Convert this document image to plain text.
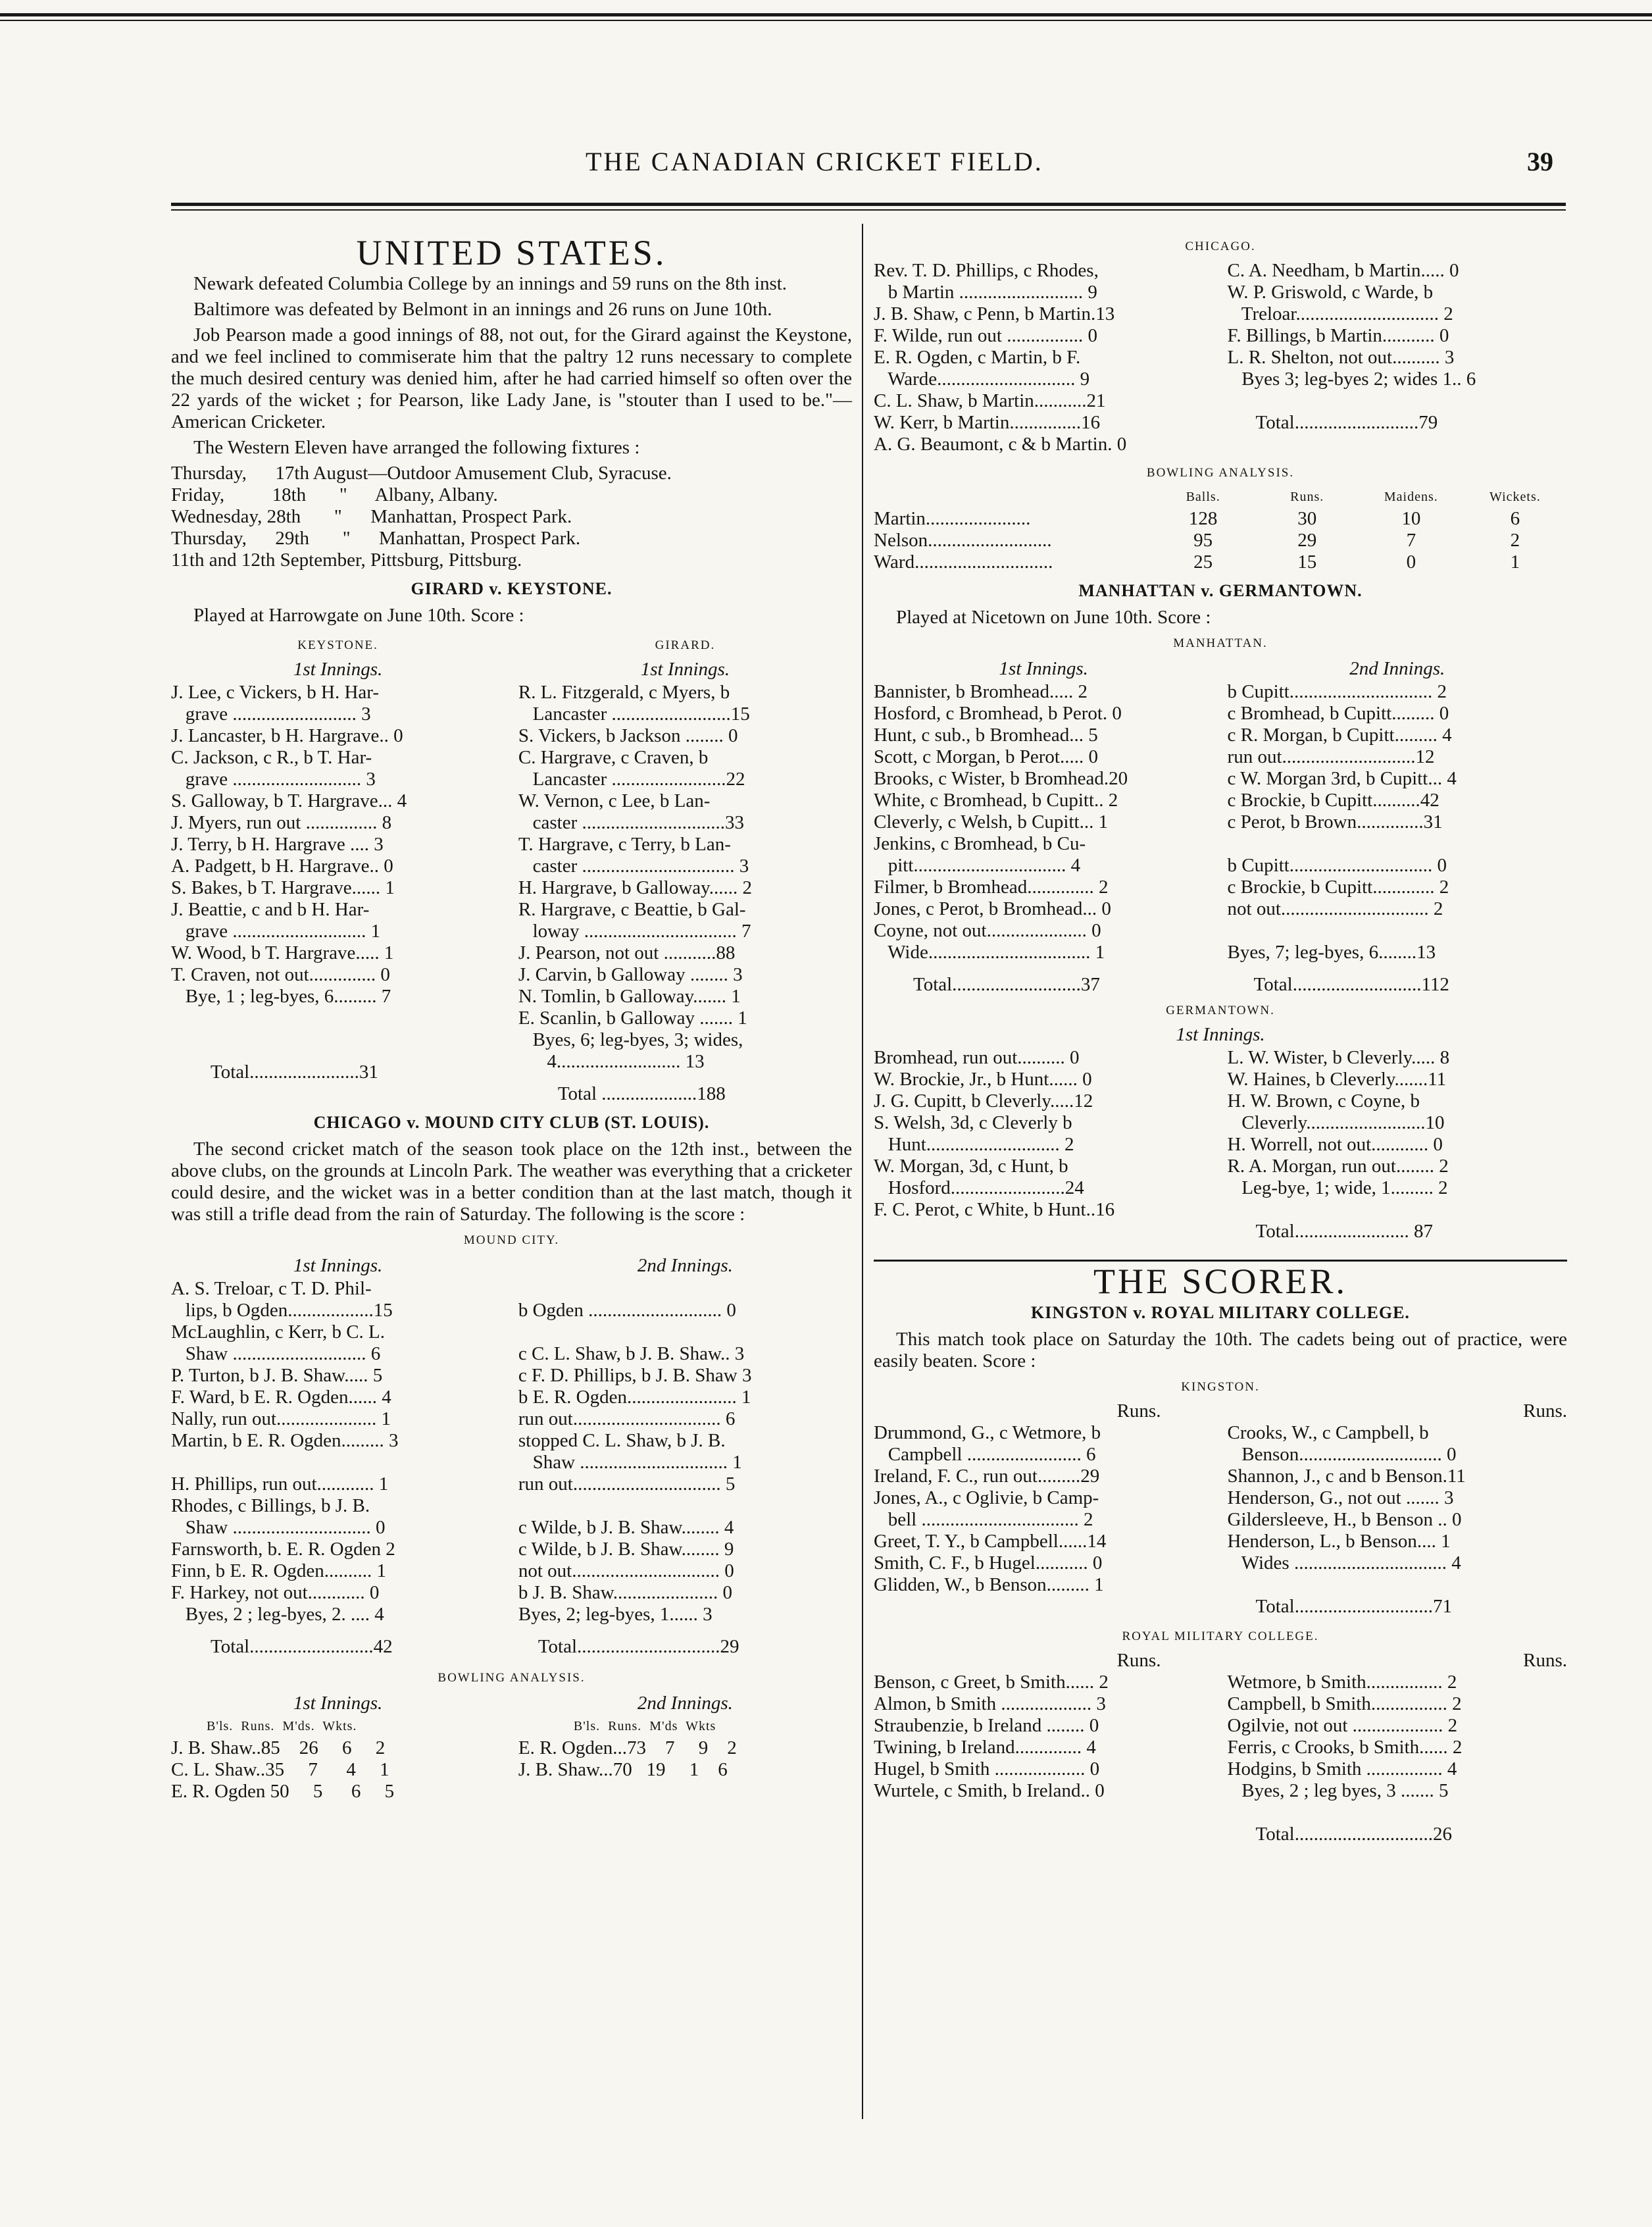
THE CANADIAN CRICKET FIELD.	39
UNITED STATES.

Newark defeated Columbia College by an innings and 59 runs on the 8th inst.

Baltimore was defeated by Belmont in an innings and 26 runs on June 10th.

Job Pearson made a good innings of 88, not out, for the Girard against the Keystone, and we feel inclined to commiserate him that the paltry 12 runs necessary to complete the much desired century was denied him, after he had carried himself so often over the 22 yards of the wicket ; for Pearson, like Lady Jane, is "stouter than I used to be."—American Cricketer.

The Western Eleven have arranged the following fixtures :

Thursday,      17th August—Outdoor Amusement Club, Syracuse.
Friday,          18th       "      Albany, Albany.
Wednesday, 28th       "      Manhattan, Prospect Park.
Thursday,      29th       "      Manhattan, Prospect Park.
11th and 12th September, Pittsburg, Pittsburg.
GIRARD v. KEYSTONE.

Played at Harrowgate on June 10th. Score :

KEYSTONE.
1st Innings.
J. Lee, c Vickers, b H. Har-
grave .......................... 3
J. Lancaster, b H. Hargrave.. 0
C. Jackson, c R., b T. Har-
grave ........................... 3
S. Galloway, b T. Hargrave... 4
J. Myers, run out ............... 8
J. Terry, b H. Hargrave .... 3
A. Padgett, b H. Hargrave.. 0
S. Bakes, b T. Hargrave...... 1
J. Beattie, c and b H. Har-
grave ............................ 1
W. Wood, b T. Hargrave..... 1
T. Craven, not out.............. 0
Bye, 1 ; leg-byes, 6......... 7
Total.......................31
GIRARD.
1st Innings.
R. L. Fitzgerald, c Myers, b
Lancaster .........................15
S. Vickers, b Jackson ........ 0
C. Hargrave, c Craven, b
Lancaster ........................22
W. Vernon, c Lee, b Lan-
caster ..............................33
T. Hargrave, c Terry, b Lan-
caster ................................ 3
H. Hargrave, b Galloway...... 2
R. Hargrave, c Beattie, b Gal-
loway ................................ 7
J. Pearson, not out ...........88
J. Carvin, b Galloway ........ 3
N. Tomlin, b Galloway....... 1
E. Scanlin, b Galloway ....... 1
Byes, 6; leg-byes, 3; wides,
4.......................... 13
Total ....................188
CHICAGO v. MOUND CITY CLUB (ST. LOUIS).

The second cricket match of the season took place on the 12th inst., between the above clubs, on the grounds at Lincoln Park. The weather was everything that a cricketer could desire, and the wicket was in a better condition than at the last match, though it was still a trifle dead from the rain of Saturday. The following is the score :

MOUND CITY.
1st Innings.
A. S. Treloar, c T. D. Phil-
lips, b Ogden..................15
McLaughlin, c Kerr, b C. L.
Shaw ............................ 6
P. Turton, b J. B. Shaw..... 5
F. Ward, b E. R. Ogden...... 4
Nally, run out..................... 1
Martin, b E. R. Ogden......... 3

H. Phillips, run out............ 1
Rhodes, c Billings, b J. B.
Shaw ............................. 0
Farnsworth, b. E. R. Ogden 2
Finn, b E. R. Ogden.......... 1
F. Harkey, not out............ 0
Byes, 2 ; leg-byes, 2. .... 4
Total..........................42
2nd Innings.

b Ogden ............................ 0

c C. L. Shaw, b J. B. Shaw.. 3
c F. D. Phillips, b J. B. Shaw 3
b E. R. Ogden....................... 1
run out............................... 6
stopped C. L. Shaw, b J. B.
Shaw ............................... 1
run out............................... 5

c Wilde, b J. B. Shaw........ 4
c Wilde, b J. B. Shaw........ 9
not out............................... 0
b J. B. Shaw...................... 0
Byes, 2; leg-byes, 1...... 3
Total..............................29
BOWLING ANALYSIS.
1st Innings.
B'ls.  Runs.  M'ds.  Wkts.
J. B. Shaw..85    26     6     2
C. L. Shaw..35     7      4     1
E. R. Ogden 50     5      6     5
2nd Innings.
B'ls.  Runs.  M'ds  Wkts
E. R. Ogden...73    7     9    2
J. B. Shaw...70   19     1    6

CHICAGO.
Rev. T. D. Phillips, c Rhodes,
b Martin .......................... 9
J. B. Shaw, c Penn, b Martin.13
F. Wilde, run out ................ 0
E. R. Ogden, c Martin, b F.
Warde............................. 9
C. L. Shaw, b Martin...........21
W. Kerr, b Martin...............16
A. G. Beaumont, c & b Martin. 0
C. A. Needham, b Martin..... 0
W. P. Griswold, c Warde, b
Treloar.............................. 2
F. Billings, b Martin........... 0
L. R. Shelton, not out.......... 3
Byes 3; leg-byes 2; wides 1.. 6

Total..........................79
BOWLING ANALYSIS.
Balls.	Runs.	Maidens.	Wickets.
Martin......................	128	30	10	6
Nelson..........................	95	29	7	2
Ward.............................	25	15	0	1
MANHATTAN v. GERMANTOWN.

Played at Nicetown on June 10th. Score :

MANHATTAN.
1st Innings.
Bannister, b Bromhead..... 2
Hosford, c Bromhead, b Perot. 0
Hunt, c sub., b Bromhead... 5
Scott, c Morgan, b Perot..... 0
Brooks, c Wister, b Bromhead.20
White, c Bromhead, b Cupitt.. 2
Cleverly, c Welsh, b Cupitt... 1
Jenkins, c Bromhead, b Cu-
pitt................................ 4
Filmer, b Bromhead.............. 2
Jones, c Perot, b Bromhead... 0
Coyne, not out..................... 0
Wide.................................. 1
Total...........................37
2nd Innings.
b Cupitt.............................. 2
c Bromhead, b Cupitt......... 0
c R. Morgan, b Cupitt......... 4
run out............................12
c W. Morgan 3rd, b Cupitt... 4
c Brockie, b Cupitt..........42
c Perot, b Brown..............31

b Cupitt.............................. 0
c Brockie, b Cupitt............. 2
not out............................... 2

Byes, 7; leg-byes, 6........13
Total...........................112
GERMANTOWN.
1st Innings.
Bromhead, run out.......... 0
W. Brockie, Jr., b Hunt...... 0
J. G. Cupitt, b Cleverly.....12
S. Welsh, 3d, c Cleverly b
Hunt............................ 2
W. Morgan, 3d, c Hunt, b
Hosford........................24
F. C. Perot, c White, b Hunt..16
L. W. Wister, b Cleverly..... 8
W. Haines, b Cleverly.......11
H. W. Brown, c Coyne, b
Cleverly.........................10
H. Worrell, not out............ 0
R. A. Morgan, run out........ 2
Leg-bye, 1; wide, 1......... 2

Total........................ 87
THE SCORER.
KINGSTON v. ROYAL MILITARY COLLEGE.

This match took place on Saturday the 10th. The cadets being out of practice, were easily beaten. Score :

KINGSTON.
Runs.	Runs.
Drummond, G., c Wetmore, b
Campbell ........................ 6
Ireland, F. C., run out.........29
Jones, A., c Oglivie, b Camp-
bell ................................. 2
Greet, T. Y., b Campbell......14
Smith, C. F., b Hugel........... 0
Glidden, W., b Benson......... 1
Crooks, W., c Campbell, b
Benson.............................. 0
Shannon, J., c and b Benson.11
Henderson, G., not out ....... 3
Gildersleeve, H., b Benson .. 0
Henderson, L., b Benson.... 1
Wides ................................ 4

Total.............................71
ROYAL MILITARY COLLEGE.
Runs.	Runs.
Benson, c Greet, b Smith...... 2
Almon, b Smith ................... 3
Straubenzie, b Ireland ........ 0
Twining, b Ireland.............. 4
Hugel, b Smith ................... 0
Wurtele, c Smith, b Ireland.. 0
Wetmore, b Smith................ 2
Campbell, b Smith................ 2
Ogilvie, not out ................... 2
Ferris, c Crooks, b Smith...... 2
Hodgins, b Smith ................ 4
Byes, 2 ; leg byes, 3 ....... 5

Total.............................26
